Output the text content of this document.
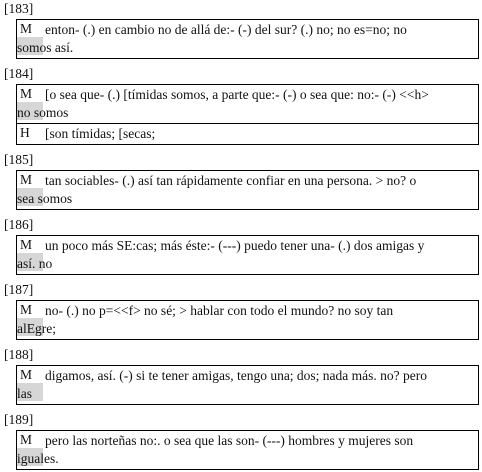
[183]
M enton- (.) en cambio no de allá de:- (-) del sur? (.) no; no es=no; no
somos así.
[184]
M [o sea que- (.) [tímidas somos, a parte que:- (-) o sea que: no:- (-) <<h>
no somos
H	[son tímidas; [secas;
[185]
M tan sociables- (.) así tan rápidamente confiar en una persona. > no? o
sea somos
[186]
M un poco más SE:cas; más éste:- (---) puedo tener una- (.) dos amigas y
así. no
[187]
M no- (.) no p=<<f> no sé; > hablar con todo el mundo? no soy tan
alEgre;
[188]
M digamos, así. (-) si te tener amigas, tengo una; dos; nada más. no? pero
las
[189]
M pero las norteñas no:. o sea que las son- (---) hombres y mujeres son
iguales.
